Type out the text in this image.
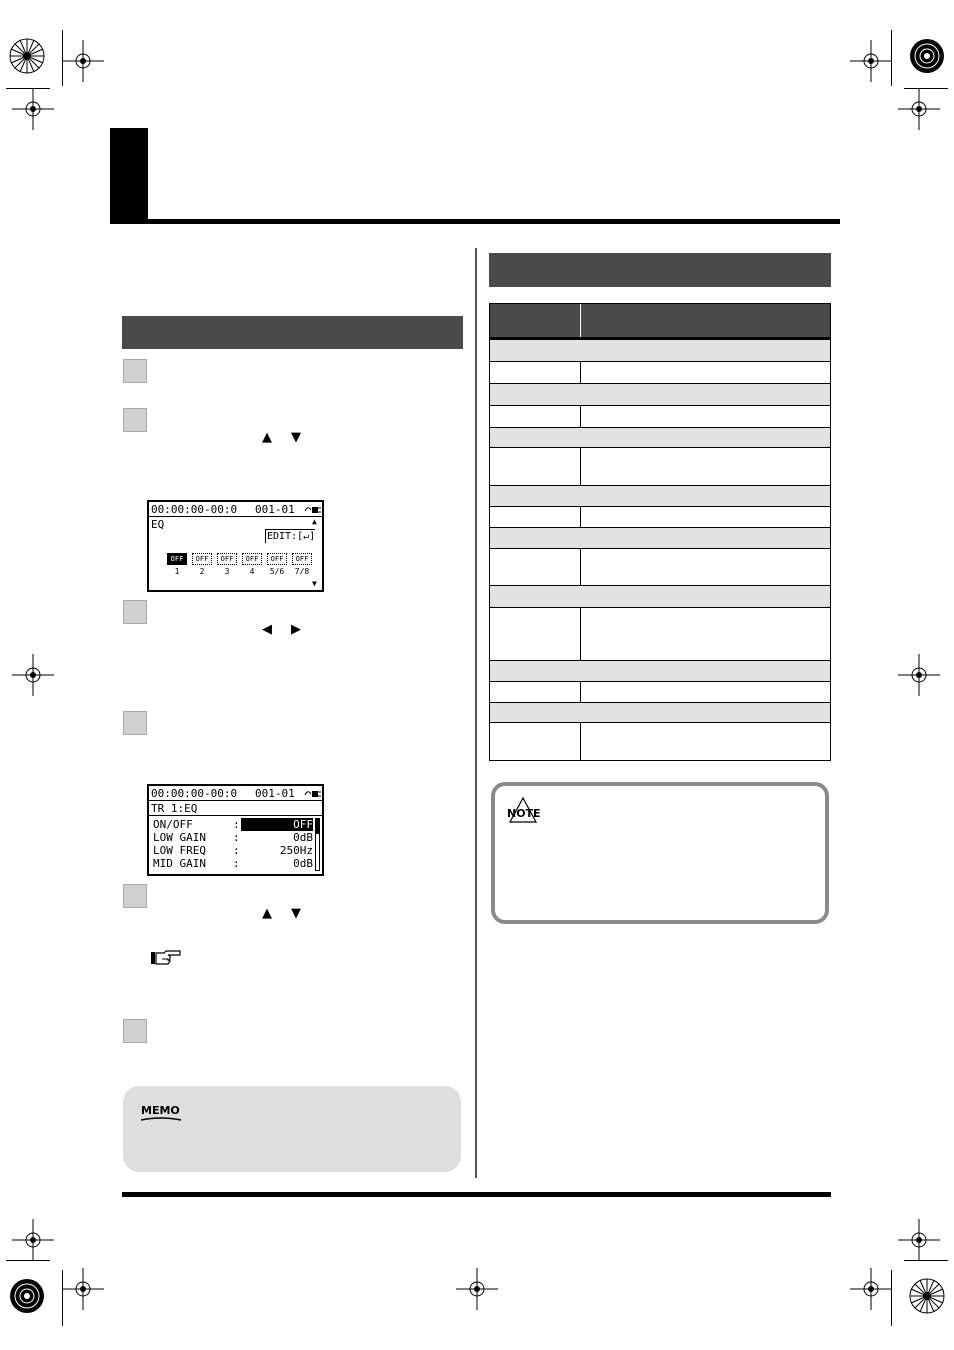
▲ ▼
00:00:00-00:0 001-01
EQ	▲
EDIT:[↵]
OFF	OFF	OFF	OFF	OFF	OFF
1	2	3	4	5/6	7/8
▼
◀ ▶
00:00:00-00:0 001-01
TR 1:EQ
ON/OFF	:	OFF
LOW GAIN :	0dB
LOW FREQ :	250Hz
MID GAIN :	0dB
▲ ▼
MEMO
NOTE
